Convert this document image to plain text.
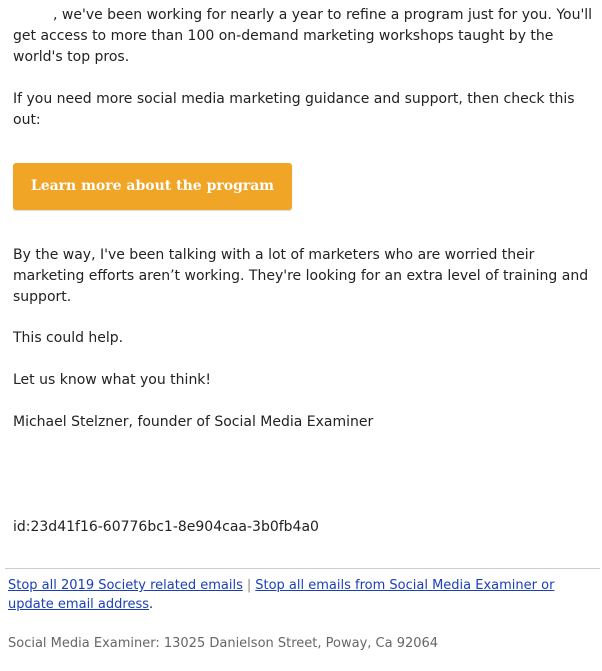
, we've been working for nearly a year to refine a program just for you. You'll get access to more than 100 on-demand marketing workshops taught by the world's top pros.

If you need more social media marketing guidance and support, then check this out:

Learn more about the program

By the way, I've been talking with a lot of marketers who are worried their marketing efforts aren’t working. They're looking for an extra level of training and support.

This could help.

Let us know what you think!

Michael Stelzner, founder of Social Media Examiner

id:23d41f16-60776bc1-8e904caa-3b0fb4a0

Stop all 2019 Society related emails | Stop all emails from Social Media Examiner or update email address.
Social Media Examiner: 13025 Danielson Street, Poway, Ca 92064
